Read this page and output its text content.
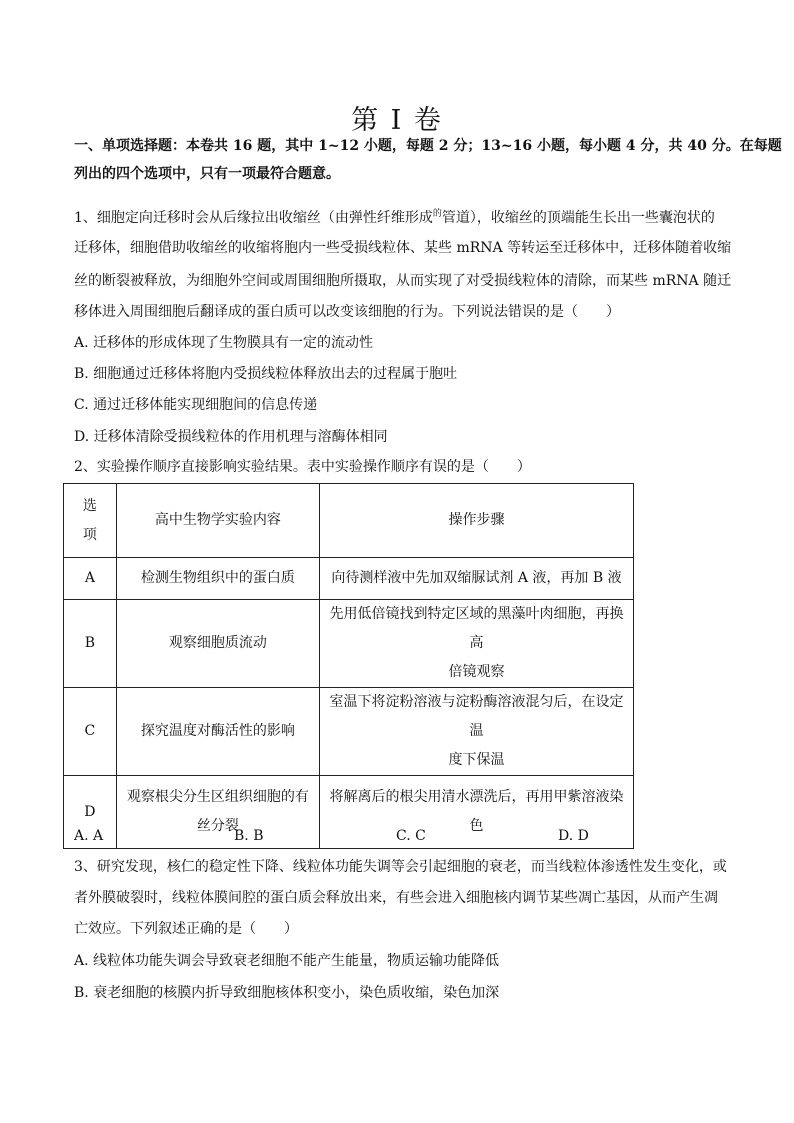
第 I 卷
一、单项选择题：本卷共 16 题，其中 1~12 小题，每题 2 分；13~16 小题，每小题 4 分，共 40 分。在每题
列出的四个选项中，只有一项最符合题意。
1、细胞定向迁移时会从后缘拉出收缩丝（由弹性纤维形成$^的$管道），收缩丝的顶端能生长出一些囊泡状的
迁移体，细胞借助收缩丝的收缩将胞内一些受损线粒体、某些 mRNA 等转运至迁移体中，迁移体随着收缩
丝的断裂被释放，为细胞外空间或周围细胞所摄取，从而实现了对受损线粒体的清除，而某些 mRNA 随迁
移体进入周围细胞后翻译成的蛋白质可以改变该细胞的行为。下列说法错误的是（　　）
A. 迁移体的形成体现了生物膜具有一定的流动性
B. 细胞通过迁移体将胞内受损线粒体释放出去的过程属于胞吐
C. 通过迁移体能实现细胞间的信息传递
D. 迁移体清除受损线粒体的作用机理与溶酶体相同
2、实验操作顺序直接影响实验结果。表中实验操作顺序有误的是（　　）
选
项	高中生物学实验内容	操作步骤
A	检测生物组织中的蛋白质	向待测样液中先加双缩脲试剂 A 液，再加 B 液
B	观察细胞质流动	先用低倍镜找到特定区域的黑藻叶肉细胞，再换高
倍镜观察

C	探究温度对酶活性的影响	室温下将淀粉溶液与淀粉酶溶液混匀后，在设定温
度下保温

D	观察根尖分生区组织细胞的有
丝分裂	将解离后的根尖用清水漂洗后，再用甲紫溶液染色
A. A	B. B	C. C	D. D
3、研究发现，核仁的稳定性下降、线粒体功能失调等会引起细胞的衰老，而当线粒体渗透性发生变化，或
者外膜破裂时，线粒体膜间腔的蛋白质会释放出来，有些会进入细胞核内调节某些凋亡基因，从而产生凋
亡效应。下列叙述正确的是（　　）
A. 线粒体功能失调会导致衰老细胞不能产生能量，物质运输功能降低
B. 衰老细胞的核膜内折导致细胞核体积变小，染色质收缩，染色加深
